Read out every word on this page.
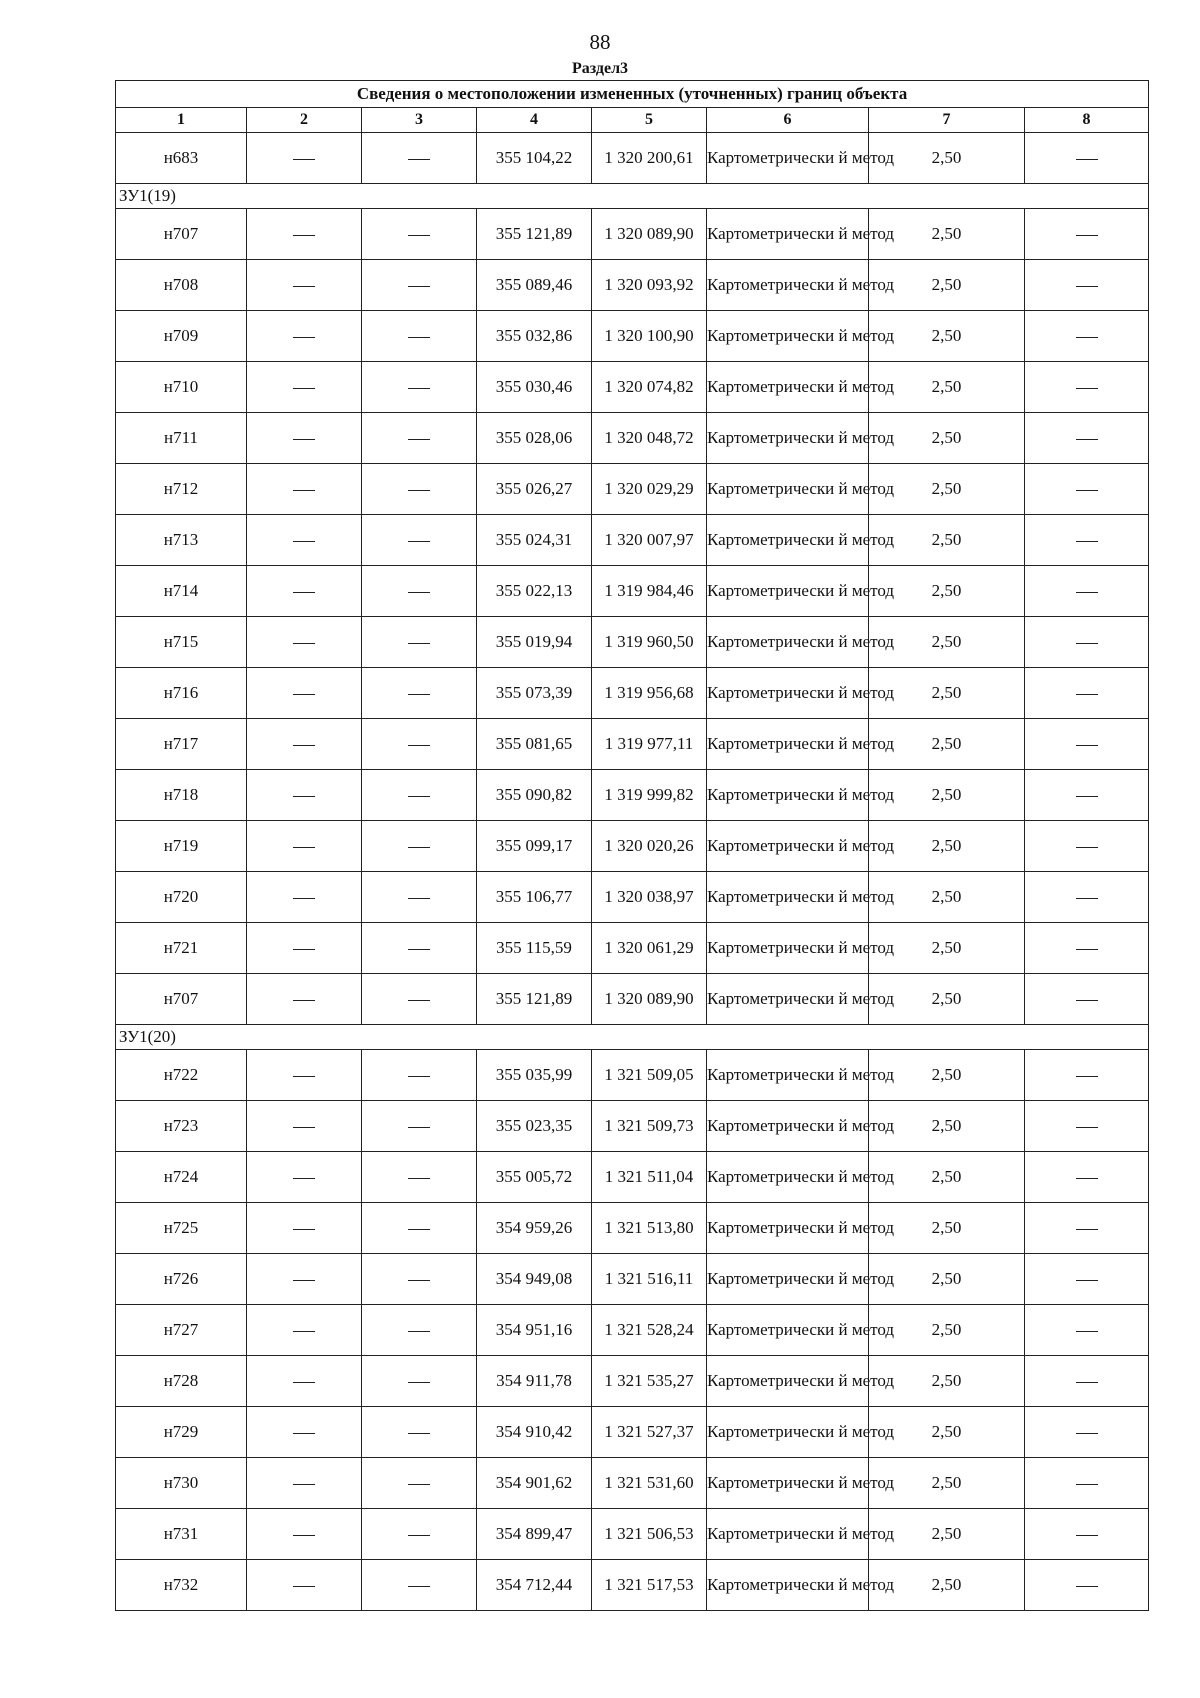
88
Раздел3
Сведения о местоположении измененных (уточненных) границ объекта							
1	2	3	4	5	6	7	8
н683			355 104,22	1 320 200,61	Картометрически й метод	2,50	
ЗУ1(19)							
н707			355 121,89	1 320 089,90	Картометрически й метод	2,50	
н708			355 089,46	1 320 093,92	Картометрически й метод	2,50	
н709			355 032,86	1 320 100,90	Картометрически й метод	2,50	
н710			355 030,46	1 320 074,82	Картометрически й метод	2,50	
н711			355 028,06	1 320 048,72	Картометрически й метод	2,50	
н712			355 026,27	1 320 029,29	Картометрически й метод	2,50	
н713			355 024,31	1 320 007,97	Картометрически й метод	2,50	
н714			355 022,13	1 319 984,46	Картометрически й метод	2,50	
н715			355 019,94	1 319 960,50	Картометрически й метод	2,50	
н716			355 073,39	1 319 956,68	Картометрически й метод	2,50	
н717			355 081,65	1 319 977,11	Картометрически й метод	2,50	
н718			355 090,82	1 319 999,82	Картометрически й метод	2,50	
н719			355 099,17	1 320 020,26	Картометрически й метод	2,50	
н720			355 106,77	1 320 038,97	Картометрически й метод	2,50	
н721			355 115,59	1 320 061,29	Картометрически й метод	2,50	
н707			355 121,89	1 320 089,90	Картометрически й метод	2,50	
ЗУ1(20)							
н722			355 035,99	1 321 509,05	Картометрически й метод	2,50	
н723			355 023,35	1 321 509,73	Картометрически й метод	2,50	
н724			355 005,72	1 321 511,04	Картометрически й метод	2,50	
н725			354 959,26	1 321 513,80	Картометрически й метод	2,50	
н726			354 949,08	1 321 516,11	Картометрически й метод	2,50	
н727			354 951,16	1 321 528,24	Картометрически й метод	2,50	
н728			354 911,78	1 321 535,27	Картометрически й метод	2,50	
н729			354 910,42	1 321 527,37	Картометрически й метод	2,50	
н730			354 901,62	1 321 531,60	Картометрически й метод	2,50	
н731			354 899,47	1 321 506,53	Картометрически й метод	2,50	
н732			354 712,44	1 321 517,53	Картометрически й метод	2,50	
